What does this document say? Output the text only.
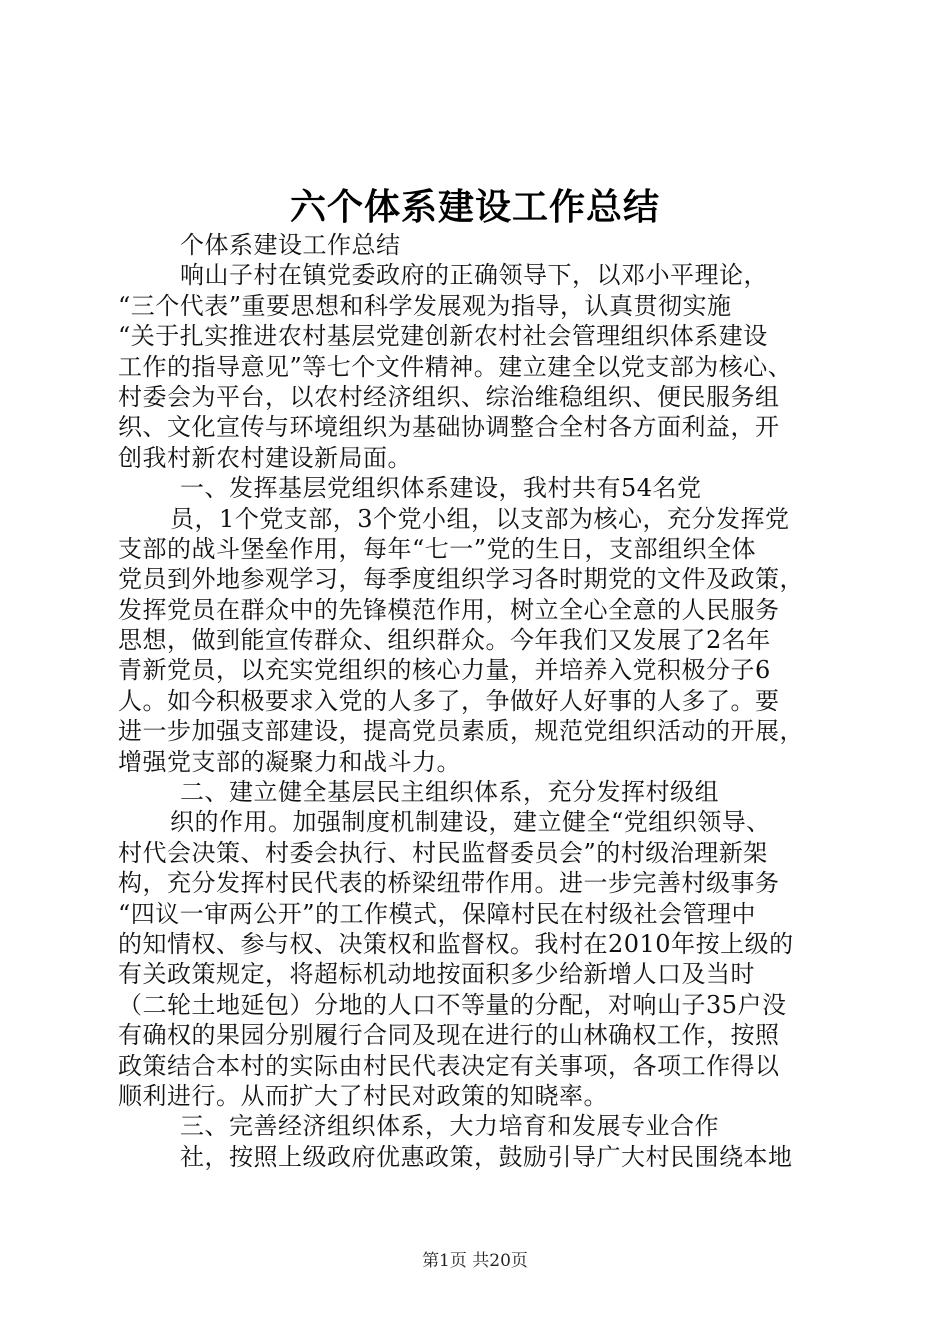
六个体系建设工作总结
个体系建设工作总结
响山子村在镇党委政府的正确领导下，以邓小平理论，
“三个代表”重要思想和科学发展观为指导，认真贯彻实施
“关于扎实推进农村基层党建创新农村社会管理组织体系建设
工作的指导意见”等七个文件精神。建立建全以党支部为核心、
村委会为平台，以农村经济组织、综治维稳组织、便民服务组
织、文化宣传与环境组织为基础协调整合全村各方面利益，开
创我村新农村建设新局面。
一、发挥基层党组织体系建设，我村共有54名党
员，1个党支部，3个党小组，以支部为核心，充分发挥党
支部的战斗堡垒作用，每年“七一”党的生日，支部组织全体
党员到外地参观学习，每季度组织学习各时期党的文件及政策，
发挥党员在群众中的先锋模范作用，树立全心全意的人民服务
思想，做到能宣传群众、组织群众。今年我们又发展了2名年
青新党员，以充实党组织的核心力量，并培养入党积极分子6
人。如今积极要求入党的人多了，争做好人好事的人多了。要
进一步加强支部建设，提高党员素质，规范党组织活动的开展，
增强党支部的凝聚力和战斗力。
二、建立健全基层民主组织体系，充分发挥村级组
织的作用。加强制度机制建设，建立健全“党组织领导、
村代会决策、村委会执行、村民监督委员会”的村级治理新架
构，充分发挥村民代表的桥梁纽带作用。进一步完善村级事务
“四议一审两公开”的工作模式，保障村民在村级社会管理中
的知情权、参与权、决策权和监督权。我村在2010年按上级的
有关政策规定，将超标机动地按面积多少给新增人口及当时
（二轮土地延包）分地的人口不等量的分配，对响山子35户没
有确权的果园分别履行合同及现在进行的山林确权工作，按照
政策结合本村的实际由村民代表决定有关事项，各项工作得以
顺利进行。从而扩大了村民对政策的知晓率。
三、完善经济组织体系，大力培育和发展专业合作
社，按照上级政府优惠政策，鼓励引导广大村民围绕本地
第1页 共20页
